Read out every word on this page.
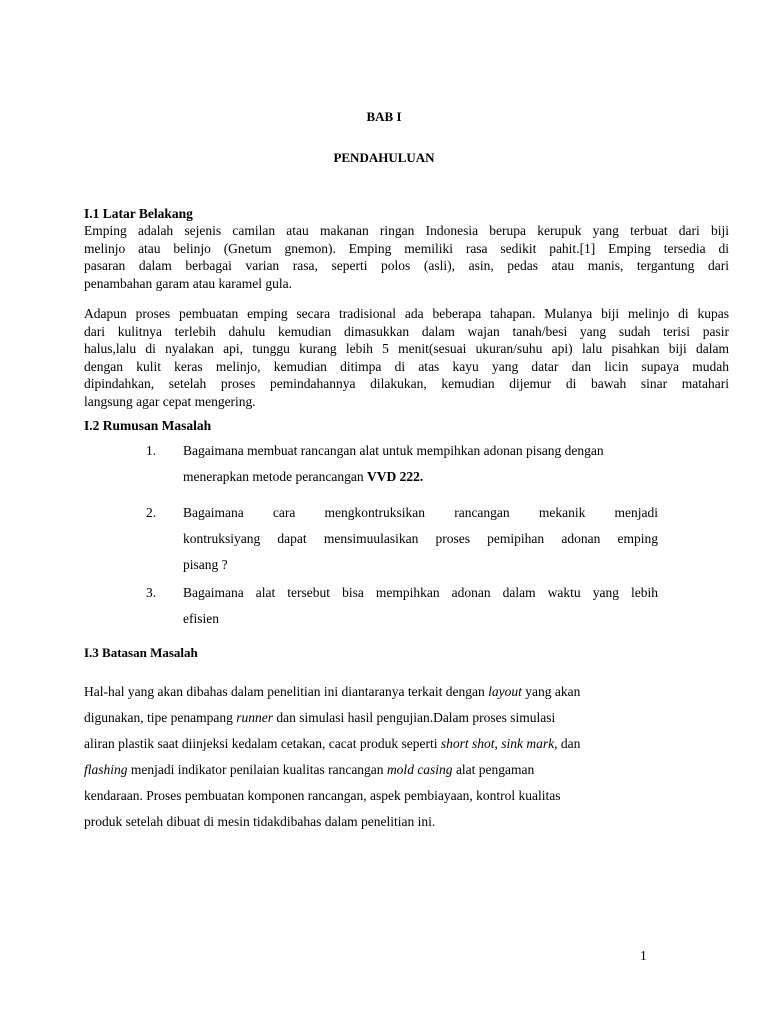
BAB I

PENDAHULUAN

I.1 Latar Belakang

Emping adalah sejenis camilan atau makanan ringan Indonesia berupa kerupuk yang terbuat dari biji
melinjo atau belinjo (Gnetum gnemon). Emping memiliki rasa sedikit pahit.[1] Emping tersedia di
pasaran dalam berbagai varian rasa, seperti polos (asli), asin, pedas atau manis, tergantung dari
penambahan garam atau karamel gula.
Adapun proses pembuatan emping secara tradisional ada beberapa tahapan. Mulanya biji melinjo di kupas
dari kulitnya terlebih dahulu kemudian dimasukkan dalam wajan tanah/besi yang sudah terisi pasir
halus,lalu di nyalakan api, tunggu kurang lebih 5 menit(sesuai ukuran/suhu api) lalu pisahkan biji dalam
dengan kulit keras melinjo, kemudian ditimpa di atas kayu yang datar dan licin supaya mudah
dipindahkan, setelah proses pemindahannya dilakukan, kemudian dijemur di bawah sinar matahari
langsung agar cepat mengering.

I.2 Rumusan Masalah

1. Bagaimana membuat rancangan alat untuk mempihkan adonan pisang dengan
menerapkan metode perancangan VVD 222.
2. Bagaimana cara mengkontruksikan rancangan mekanik menjadi
kontruksiyang dapat mensimuulasikan proses pemipihan adonan emping
pisang ?
3. Bagaimana alat tersebut bisa mempihkan adonan dalam waktu yang lebih
efisien

I.3 Batasan Masalah

Hal-hal yang akan dibahas dalam penelitian ini diantaranya terkait dengan layout yang akan
digunakan, tipe penampang runner dan simulasi hasil pengujian.Dalam proses simulasi
aliran plastik saat diinjeksi kedalam cetakan, cacat produk seperti short shot, sink mark, dan
flashing menjadi indikator penilaian kualitas rancangan mold casing alat pengaman
kendaraan. Proses pembuatan komponen rancangan, aspek pembiayaan, kontrol kualitas
produk setelah dibuat di mesin tidakdibahas dalam penelitian ini.

1
